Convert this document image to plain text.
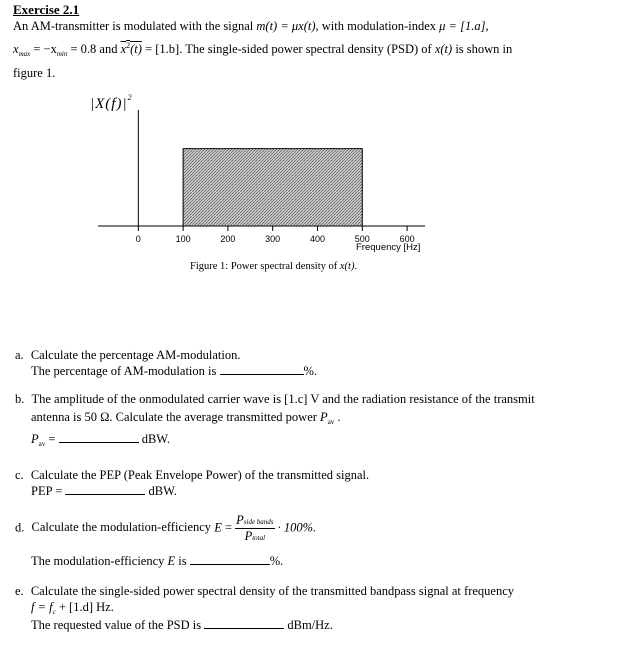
Exercise 2.1
An AM-transmitter is modulated with the signal m(t) = μx(t), with modulation-index μ = [1.a],
$x_{max} = -x_{min} = 0.8$ and $x^2(t) = [1.b]$. The single-sided power spectral density (PSD) of x(t) is shown in
figure 1.
0	100	200	300	400	500	600
$|X(f)|^2$
Frequency [Hz]
Figure 1: Power spectral density of x(t).
a. Calculate the percentage AM-modulation.
The percentage of AM-modulation is	%.
b. The amplitude of the onmodulated carrier wave is [1.c] V and the radiation resistance of the transmit
antenna is 50 Ω. Calculate the average transmitted power $P_{av}$ .
$P_{av}$ =	dBW.
c. Calculate the PEP (Peak Envelope Power) of the transmitted signal.
PEP =	dBW.
d. Calculate the modulation-efficiency $E = \frac{\text{Pside bands}}{\text{Ptotal}} \cdot 100\%$.
The modulation-efficiency E is	%.
e. Calculate the single-sided power spectral density of the transmitted bandpass signal at frequency
$f = f_c + [1.d]$ Hz.
The requested value of the PSD is	dBm/Hz.
